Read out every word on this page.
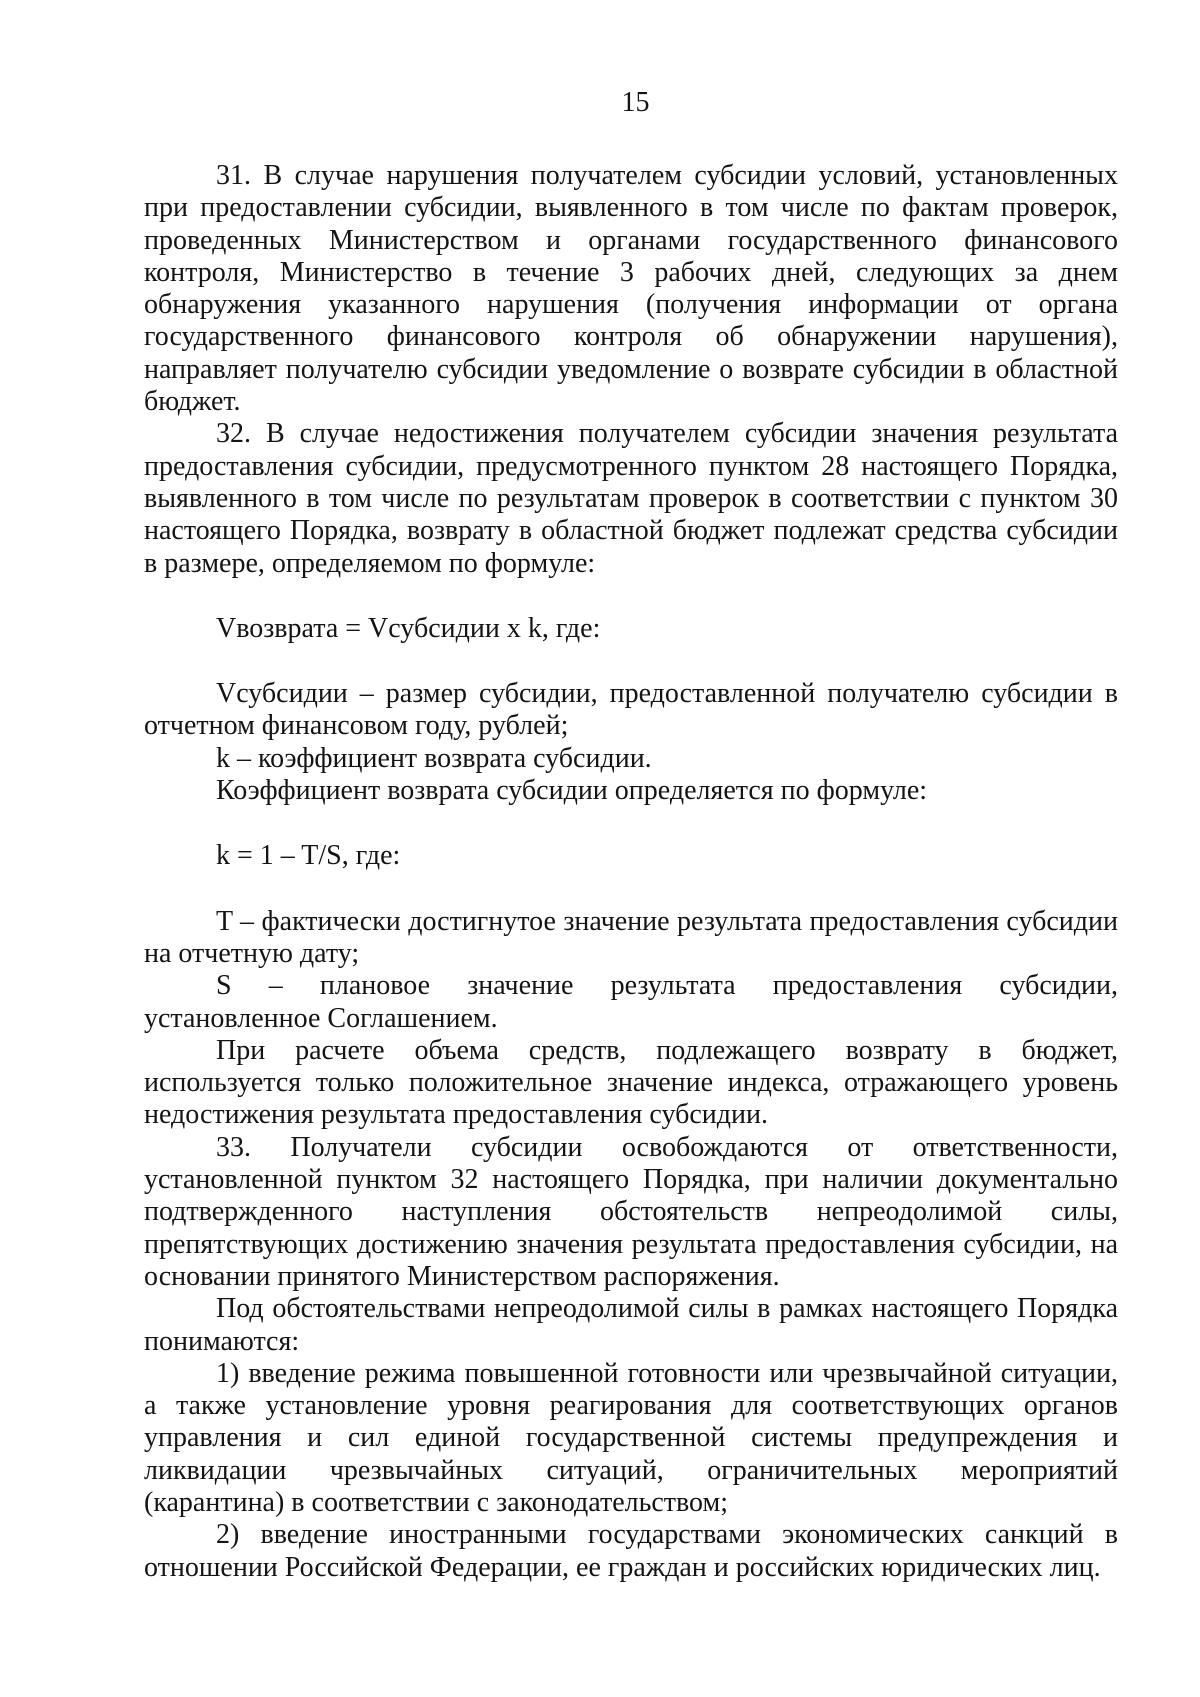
15

31. В случае нарушения получателем субсидии условий, установленных при предоставлении субсидии, выявленного в том числе по фактам проверок, проведенных Министерством и органами государственного финансового контроля, Министерство в течение 3 рабочих дней, следующих за днем обнаружения указанного нарушения (получения информации от органа государственного финансового контроля об обнаружении нарушения), направляет получателю субсидии уведомление о возврате субсидии в областной бюджет.

32. В случае недостижения получателем субсидии значения результата предоставления субсидии, предусмотренного пунктом 28 настоящего Порядка, выявленного в том числе по результатам проверок в соответствии с пунктом 30 настоящего Порядка, возврату в областной бюджет подлежат средства субсидии в размере, определяемом по формуле:

Vвозврата = Vсубсидии х k, где:

Vсубсидии – размер субсидии, предоставленной получателю субсидии в отчетном финансовом году, рублей;

k – коэффициент возврата субсидии.

Коэффициент возврата субсидии определяется по формуле:

k = 1 – T/S, где:

T – фактически достигнутое значение результата предоставления субсидии на отчетную дату;

S – плановое значение результата предоставления субсидии, установленное Соглашением.

При расчете объема средств, подлежащего возврату в бюджет, используется только положительное значение индекса, отражающего уровень недостижения результата предоставления субсидии.

33. Получатели субсидии освобождаются от ответственности, установленной пунктом 32 настоящего Порядка, при наличии документально подтвержденного наступления обстоятельств непреодолимой силы, препятствующих достижению значения результата предоставления субсидии, на основании принятого Министерством распоряжения.

Под обстоятельствами непреодолимой силы в рамках настоящего Порядка понимаются:

1) введение режима повышенной готовности или чрезвычайной ситуации, а также установление уровня реагирования для соответствующих органов управления и сил единой государственной системы предупреждения и ликвидации чрезвычайных ситуаций, ограничительных мероприятий (карантина) в соответствии с законодательством;

2) введение иностранными государствами экономических санкций в отношении Российской Федерации, ее граждан и российских юридических лиц.
